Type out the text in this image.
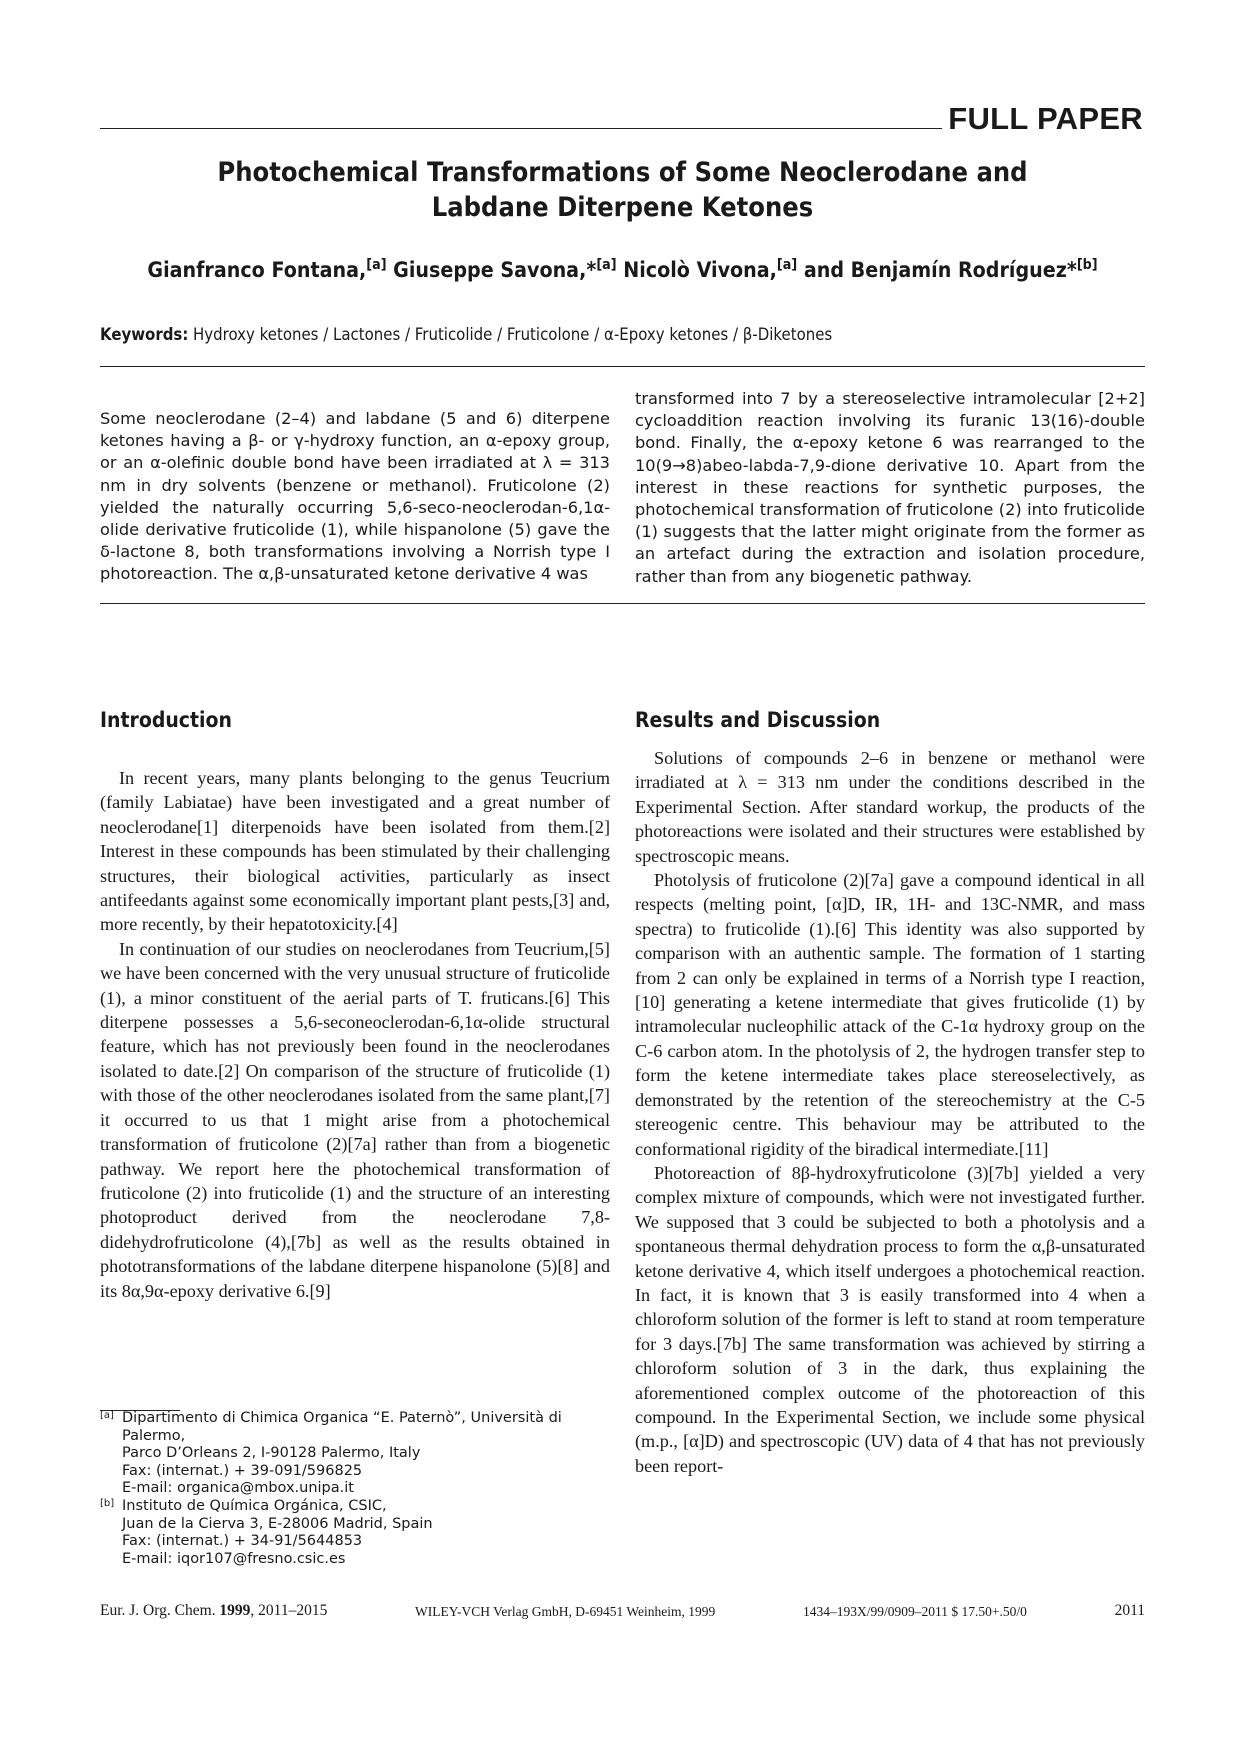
FULL PAPER
Photochemical Transformations of Some Neoclerodane and
Labdane Diterpene Ketones
Gianfranco Fontana,[a] Giuseppe Savona,*[a] Nicolò Vivona,[a] and Benjamín Rodríguez*[b]
Keywords: Hydroxy ketones / Lactones / Fruticolide / Fruticolone / α-Epoxy ketones / β-Diketones

Some neoclerodane (2–4) and labdane (5 and 6) diterpene ketones having a β- or γ-hydroxy function, an α-epoxy group, or an α-olefinic double bond have been irradiated at λ = 313 nm in dry solvents (benzene or methanol). Fruticolone (2) yielded the naturally occurring 5,6-seco-neoclerodan-6,1α-olide derivative fruticolide (1), while hispanolone (5) gave the δ-lactone 8, both transformations involving a Norrish type I photoreaction. The α,β-unsaturated ketone derivative 4 was

transformed into 7 by a stereoselective intramolecular [2+2] cycloaddition reaction involving its furanic 13(16)-double bond. Finally, the α-epoxy ketone 6 was rearranged to the 10(9→8)abeo-labda-7,9-dione derivative 10. Apart from the interest in these reactions for synthetic purposes, the photochemical transformation of fruticolone (2) into fruticolide (1) suggests that the latter might originate from the former as an artefact during the extraction and isolation procedure, rather than from any biogenetic pathway.

Introduction

In recent years, many plants belonging to the genus Teucrium (family Labiatae) have been investigated and a great number of neoclerodane[1] diterpenoids have been isolated from them.[2] Interest in these compounds has been stimulated by their challenging structures, their biological activities, particularly as insect antifeedants against some economically important plant pests,[3] and, more recently, by their hepatotoxicity.[4]

In continuation of our studies on neoclerodanes from Teucrium,[5] we have been concerned with the very unusual structure of fruticolide (1), a minor constituent of the aerial parts of T. fruticans.[6] This diterpene possesses a 5,6-seconeoclerodan-6,1α-olide structural feature, which has not previously been found in the neoclerodanes isolated to date.[2] On comparison of the structure of fruticolide (1) with those of the other neoclerodanes isolated from the same plant,[7] it occurred to us that 1 might arise from a photochemical transformation of fruticolone (2)[7a] rather than from a biogenetic pathway. We report here the photochemical transformation of fruticolone (2) into fruticolide (1) and the structure of an interesting photoproduct derived from the neoclerodane 7,8-didehydrofruticolone (4),[7b] as well as the results obtained in phototransformations of the labdane diterpene hispanolone (5)[8] and its 8α,9α-epoxy derivative 6.[9]

Results and Discussion

Solutions of compounds 2–6 in benzene or methanol were irradiated at λ = 313 nm under the conditions described in the Experimental Section. After standard workup, the products of the photoreactions were isolated and their structures were established by spectroscopic means.

Photolysis of fruticolone (2)[7a] gave a compound identical in all respects (melting point, [α]D, IR, 1H- and 13C-NMR, and mass spectra) to fruticolide (1).[6] This identity was also supported by comparison with an authentic sample. The formation of 1 starting from 2 can only be explained in terms of a Norrish type I reaction,[10] generating a ketene intermediate that gives fruticolide (1) by intramolecular nucleophilic attack of the C-1α hydroxy group on the C-6 carbon atom. In the photolysis of 2, the hydrogen transfer step to form the ketene intermediate takes place stereoselectively, as demonstrated by the retention of the stereochemistry at the C-5 stereogenic centre. This behaviour may be attributed to the conformational rigidity of the biradical intermediate.[11]

Photoreaction of 8β-hydroxyfruticolone (3)[7b] yielded a very complex mixture of compounds, which were not investigated further. We supposed that 3 could be subjected to both a photolysis and a spontaneous thermal dehydration process to form the α,β-unsaturated ketone derivative 4, which itself undergoes a photochemical reaction. In fact, it is known that 3 is easily transformed into 4 when a chloroform solution of the former is left to stand at room temperature for 3 days.[7b] The same transformation was achieved by stirring a chloroform solution of 3 in the dark, thus explaining the aforementioned complex outcome of the photoreaction of this compound. In the Experimental Section, we include some physical (m.p., [α]D) and spectroscopic (UV) data of 4 that has not previously been report-

[a] Dipartimento di Chimica Organica “E. Paternò”, Università di
Palermo,
Parco D’Orleans 2, I-90128 Palermo, Italy
Fax: (internat.) + 39-091/596825
E-mail: organica@mbox.unipa.it
[b] Instituto de Química Orgánica, CSIC,
Juan de la Cierva 3, E-28006 Madrid, Spain
Fax: (internat.) + 34-91/5644853
E-mail: iqor107@fresno.csic.es
Eur. J. Org. Chem. 1999, 2011–2015	WILEY-VCH Verlag GmbH, D-69451 Weinheim, 1999	1434–193X/99/0909–2011 $ 17.50+.50/0	2011
